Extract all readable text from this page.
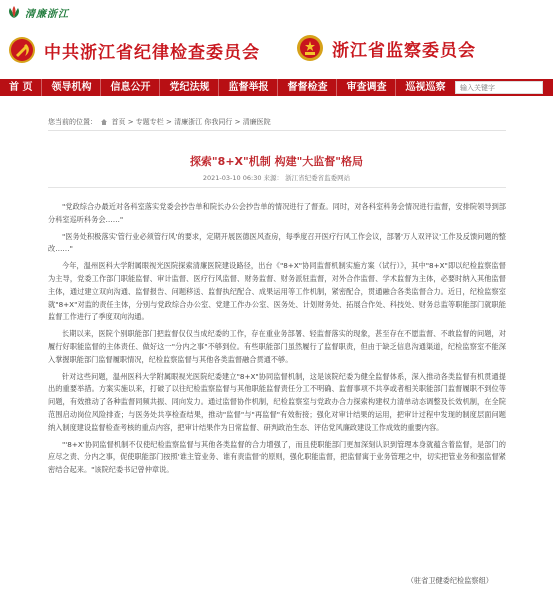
清廉浙江
中共浙江省纪律检查委员会	浙江省监察委员会
首 页	领导机构	信息公开	党纪法规	监督举报	督督检查	审查调查	巡视巡察
输入关键字
您当前的位置： 首页 > 专题专栏 > 清廉浙江 你我同行 > 清廉医院
探索"8+X"机制 构建"大监督"格局
2021-03-10 06:30 来源： 浙江省纪委省监委网站

"党政综合办最近对各科室落实党委会抄告单和院长办公会抄告单的情况进行了督查。同时，对各科室科务会情况进行监督，安排院领导到部分科室巡听科务会……"

"医务处积极落实'管行业必须管行风'的要求，定期开展医德医风查房，每季度召开医疗行风工作会议，部署'万人双评议'工作及反馈问题的整改……"

今年，温州医科大学附属眼视光医院探索清廉医院建设路径，出台《"8+X"协同监督机制实施方案（试行）》，其中"8+X"即以纪检监察监督为主导，党委工作部门职能监督、审计监督、医疗行风监督、财务监督、财务派驻监督，对外合作监督、学术监督为主体，必要时纳入其他监督主体，通过建立双向沟通、监督报告、问题移送、监督执纪配合、成果运用等工作机制，紧密配合，贯通融合各类监督合力。近日，纪检监察室就"8+X"对监的责任主体，分别与党政综合办公室、党建工作办公室、医务处、计划财务处、拓展合作处、科技处、财务总监等职能部门就职能监督工作进行了季度双向沟通。

长期以来，医院个别职能部门把监督仅仅当成纪委的工作，存在重业务部署、轻监督落实的现象，甚至存在不愿监督、不敢监督的问题，对履行好职能监督的主体责任、做好这一"分内之事"不够到位。有些职能部门虽然履行了监督职责，但由于缺乏信息沟通渠道，纪检监察室不能深入掌握职能部门监督履职情况，纪检监察监督与其他各类监督融合贯通不够。

针对这些问题，温州医科大学附属眼视光医院纪委建立"8+X"协同监督机制，这是该院纪委为健全监督体系，深入推动各类监督有机贯通提出的重要举措。方案实施以来，打破了以往纪检监察监督与其他职能监督责任分工不明确、监督事项不共享或者相关职能部门监督履职不到位等问题，有效推动了各种监督同频共振、同向发力。通过监督协作机制，纪检监察室与党政办合力探索构建权力清单动态调整及长效机制，在全院范围启动岗位风险排查；与医务处共享检查结果，推动"监督"与"再监督"有效衔接；强化对审计结果的运用，把审计过程中发现的制度层面问题纳入制度建设监督检查考核的重点内容，把审计结果作为日常监督、研判政治生态、评估党风廉政建设工作成效的重要内容。

"'8+X'协同监督机制不仅使纪检监察监督与其他各类监督的合力增强了，而且使职能部门更加深刻认识到管理本身就蕴含着监督，是部门的应尽之责、分内之事，促使职能部门按照'谁主管业务、谁有责监督'的原则，强化职能监督，把监督寓于业务管理之中，切实把管业务和强监督紧密结合起来。"该院纪委书记曾仲章说。

（驻省卫健委纪检监察组）
